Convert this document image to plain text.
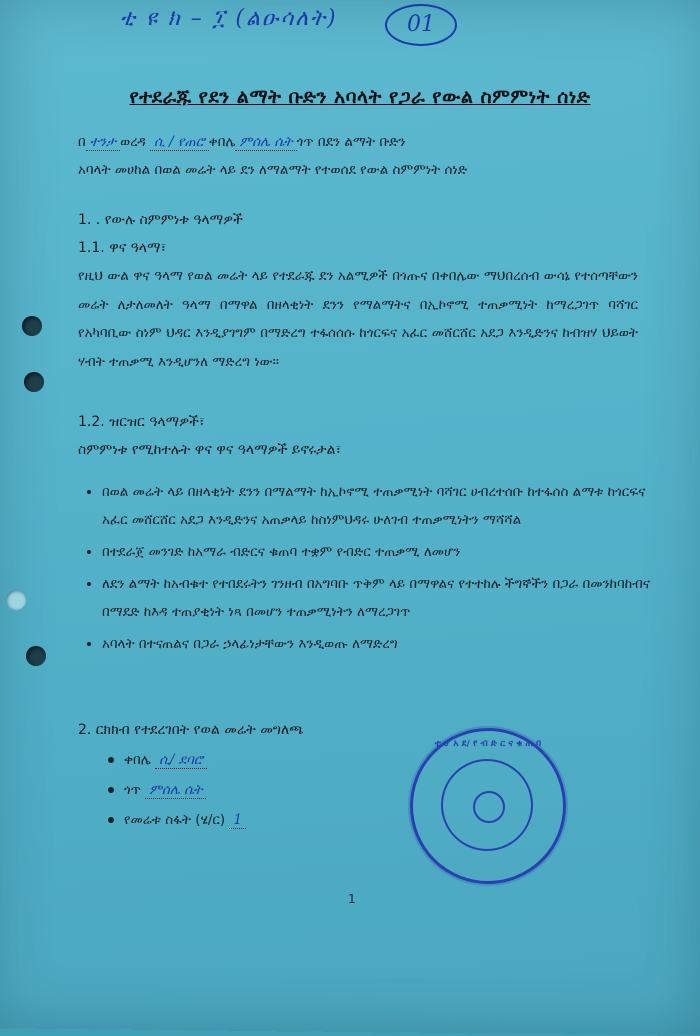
ቲ ዩ ክ – ፲ (ልዑሳለት)	01
የተደራጁ የደን ልማት ቡድን አባላት የጋራ የውል ስምምነት ሰነድ
በ ተንታ ወረዳ ሲ / የጠሮ ቀበሌ ምሰሌ ሴት ጎጥ በደን ልማት ቡድን
አባላት መሀከል በወል መሬት ላይ ደን ለማልማት የተወሰደ የውል ስምምነት ሰነድ
1. . የውሉ ስምምነቱ ዓላማዎች
1.1. ዋና ዓላማ፣
የዚህ ውል ዋና ዓላማ የወል መሬት ላይ የተደራጁ ደን አልሚዎች በጎጡና በቀበሌው ማህበረሰብ ውሳኔ የተሰጣቸውን መሬት ለታለመለት ዓላማ በማዋል በዘላቂነት ደንን የማልማትና በኢኮኖሚ ተጠቃሚነት ከማረጋገጥ ባሻገር የአካባቢው ስነም ህዳር እንዲያገግም በማድረግ ተፋሰሰሱ ከጎርፍና አፈር መሸርሸር አደጋ እንዲድንና ከብዝሃ ህይወት ሃብት ተጠቃሚ እንዲሆንለ ማድረግ ነው፡፡
1.2. ዝርዝር ዓላማዎች፣
ስምምነቱ የሚከተሉት ዋና ዋና ዓላማዎች ይኖሩታል፣
• በወል መሬት ላይ በዘላቂነት ደንን በማልማት ከኢኮኖሚ ተጠቃሚነት ባሻገር ሀብረተሰቡ ከተፋሰስ ልማቱ ከጎርፍና አፈር መሸርሸር አደጋ እንዲድንና አጠቃላይ ከስነምህዳሩ ሁለገብ ተጠቃሚነትን ማሻሻል
• በተደራጀ መንገድ ከአማራ ብድርና ቁጠባ ተቋም የብድር ተጠቃሚ ለመሆን
• ለደን ልማት ከአብቁተ የተበደሩትን ገንዘብ በአግባቡ ጥቅም ላይ በማዋልና የተተከሉ ችግኞችን በጋራ በመንከባከብና በማደድ ከእዳ ተጠያቂነት ነጻ በመሆን ተጠቃሚነትን ለማረጋገጥ
• አባላት በተናጠልና በጋራ ኃላፊነታቸውን እንዲወጡ ለማድረግ
2. ርክክብ የተደረገበት የወል መሬት መግለጫ
ቀበሌ ሲ/ ደባሮ
ጎጥ ምሰሌ ሴት
የመሬቱ ስፋት (ሄ/ር) 1
ቲ ሆ አ ደ/ የ ብ ድ ር ና ቁ ጠ ባ
1
